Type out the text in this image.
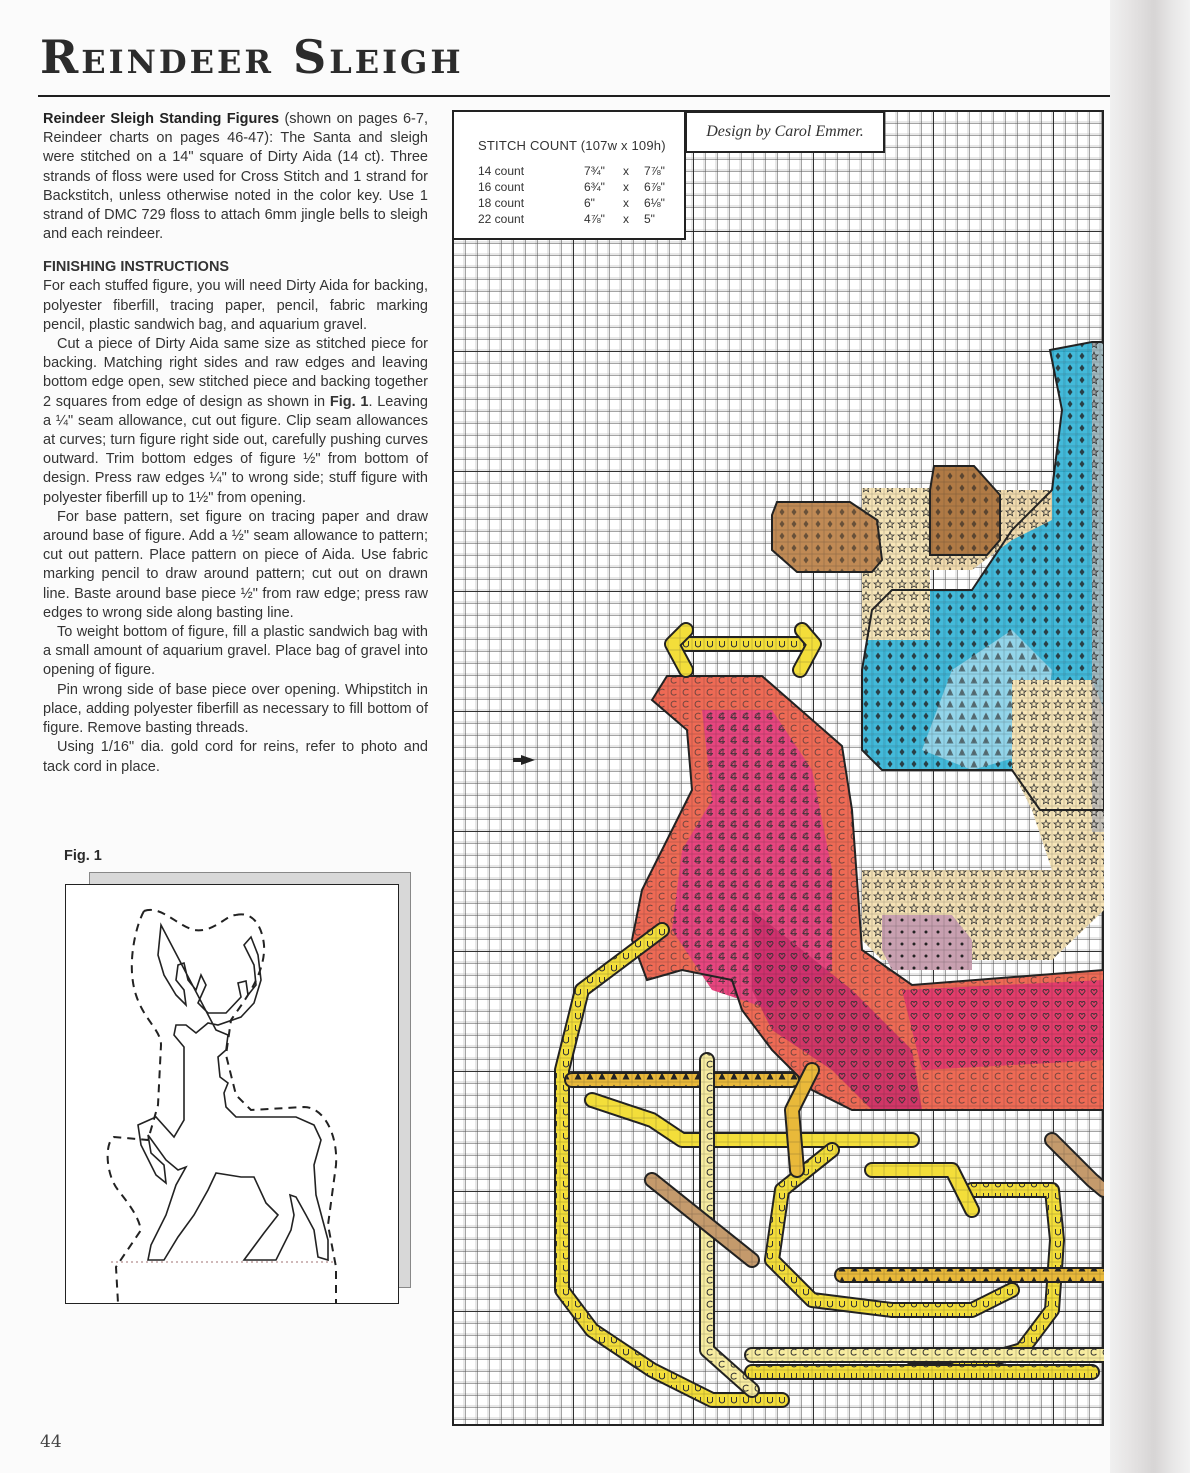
Reindeer Sleigh

Reindeer Sleigh Standing Figures (shown on pages 6-7, Reindeer charts on pages 46-47): The Santa and sleigh were stitched on a 14" square of Dirty Aida (14 ct). Three strands of floss were used for Cross Stitch and 1 strand for Backstitch, unless otherwise noted in the color key. Use 1 strand of DMC 729 floss to attach 6mm jingle bells to sleigh and each reindeer.

FINISHING INSTRUCTIONS

For each stuffed figure, you will need Dirty Aida for backing, polyester fiberfill, tracing paper, pencil, fabric marking pencil, plastic sandwich bag, and aquarium gravel.

Cut a piece of Dirty Aida same size as stitched piece for backing. Matching right sides and raw edges and leaving bottom edge open, sew stitched piece and backing together 2 squares from edge of design as shown in Fig. 1. Leaving a ¼" seam allowance, cut out figure. Clip seam allowances at curves; turn figure right side out, carefully pushing curves outward. Trim bottom edges of figure ½" from bottom of design. Press raw edges ¼" to wrong side; stuff figure with polyester fiberfill up to 1½" from opening.

For base pattern, set figure on tracing paper and draw around base of figure. Add a ½" seam allowance to pattern; cut out pattern. Place pattern on piece of Aida. Use fabric marking pencil to draw around pattern; cut out on drawn line. Baste around base piece ½" from raw edge; press raw edges to wrong side along basting line.

To weight bottom of figure, fill a plastic sandwich bag with a small amount of aquarium gravel. Place bag of gravel into opening of figure.

Pin wrong side of base piece over opening. Whipstitch in place, adding polyester fiberfill as necessary to fill bottom of figure. Remove basting threads.

Using 1/16" dia. gold cord for reins, refer to photo and tack cord in place.

Fig. 1
44
STITCH COUNT (107w x 109h)
14 count	7¾" x 7⅞"
16 count	6¾" x 6⅞"
18 count	6" x 6⅛"
22 count	4⅞" x 5"
Design by Carol Emmer.
